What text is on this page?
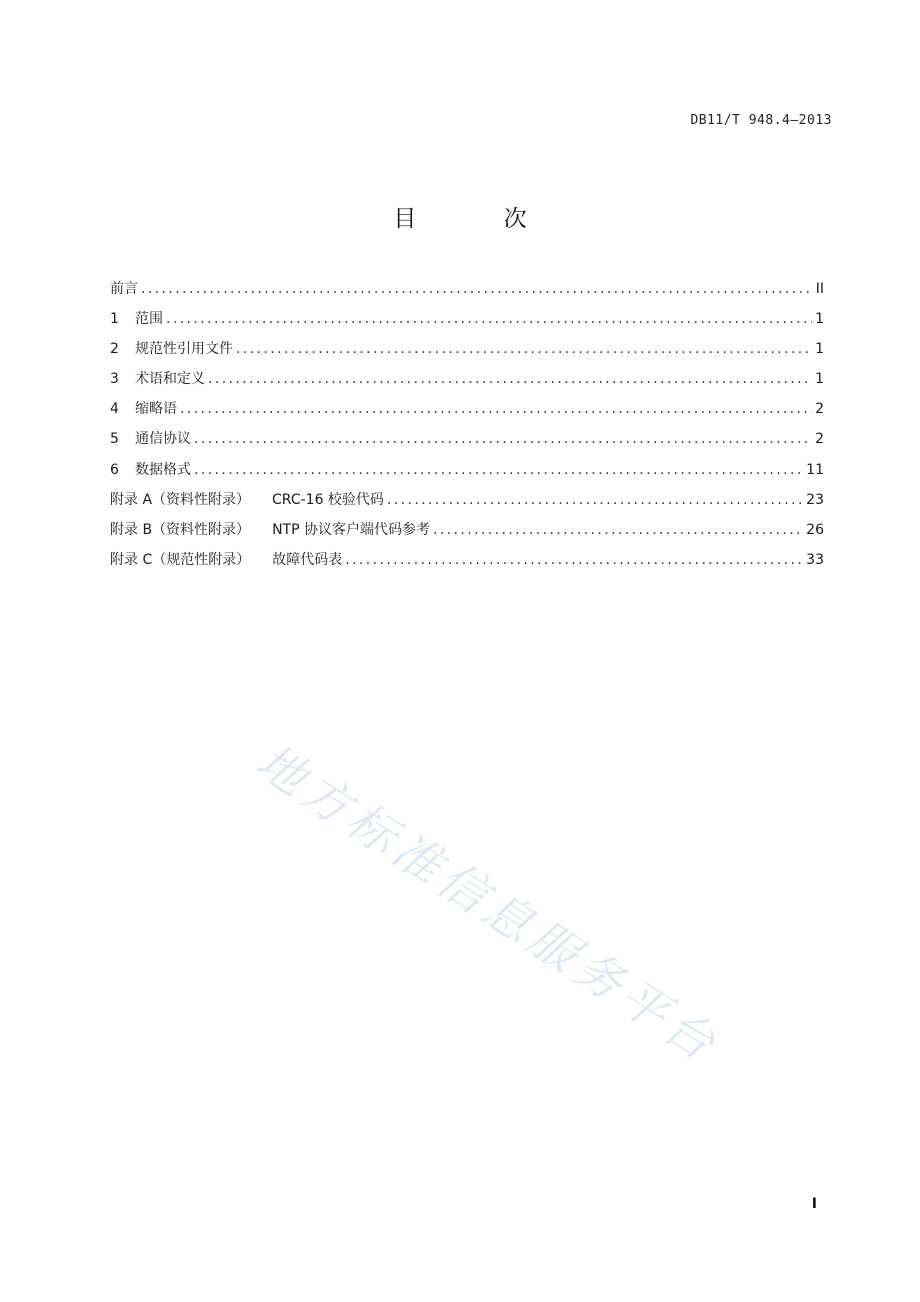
DB11/T 948.4—2013
目 次
前言 .....	II
1	范围 .....	1
2	规范性引用文件 .....	1
3	术语和定义 .....	1
4	缩略语 .....	2
5	通信协议 .....	2
6	数据格式 .....	11
附录 A（资料性附录） CRC-16 校验代码 .....	23
附录 B（资料性附录） NTP 协议客户端代码参考 .....	26
附录 C（规范性附录） 故障代码表 .....	33
地方标准信息服务平台
I
